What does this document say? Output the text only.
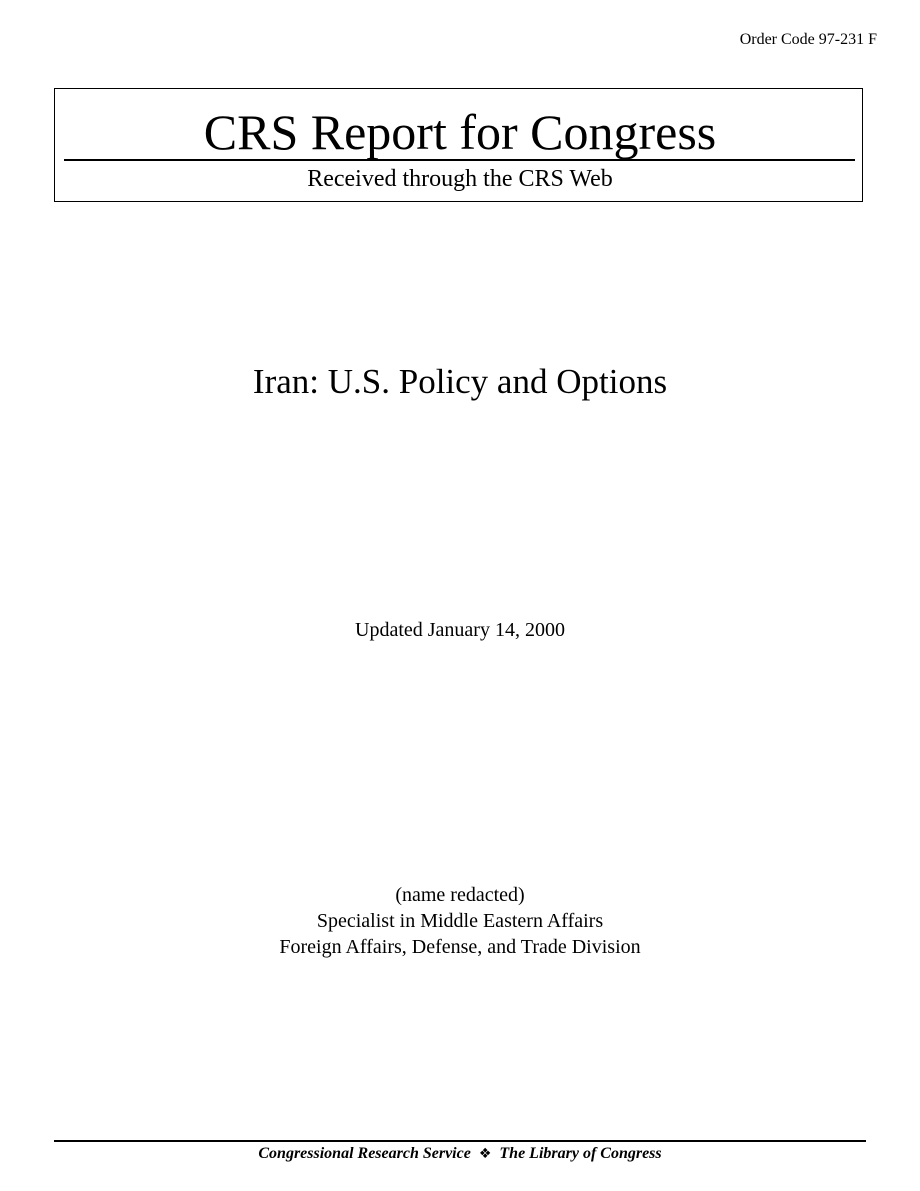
Order Code 97-231 F
CRS Report for Congress
Received through the CRS Web
Iran: U.S. Policy and Options
Updated January 14, 2000
(name redacted)
Specialist in Middle Eastern Affairs
Foreign Affairs, Defense, and Trade Division
Congressional Research Service ❖ The Library of Congress
